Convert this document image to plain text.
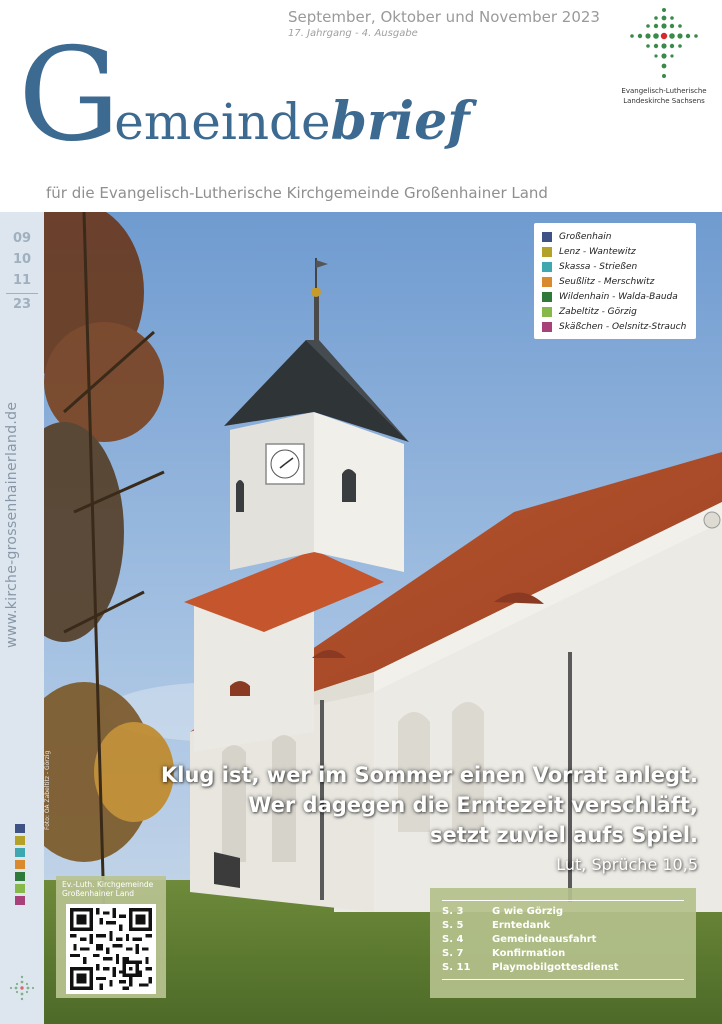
September, Oktober und November 2023
17. Jahrgang - 4. Ausgabe
Gemeindebrief
für die Evangelisch-Lutherische Kirchgemeinde Großenhainer Land
Evangelisch-Lutherische
Landeskirche Sachsens
09
10
11
23
www.kirche-grossenhainerland.de
Großenhain
Lenz - Wantewitz
Skassa - Strießen
Seußlitz - Merschwitz
Wildenhain - Walda-Bauda
Zabeltitz - Görzig
Skäßchen - Oelsnitz-Strauch
Klug ist, wer im Sommer einen Vorrat anlegt.
Wer dagegen die Erntezeit verschläft,
setzt zuviel aufs Spiel.
Lut, Sprüche 10,5
Foto: OA Zabeltitz - Görzig
Ev.-Luth. Kirchgemeinde
Großenhainer Land
S. 3	G wie Görzig
S. 5	Erntedank
S. 4	Gemeindeausfahrt
S. 7	Konfirmation
S. 11	Playmobilgottesdienst
